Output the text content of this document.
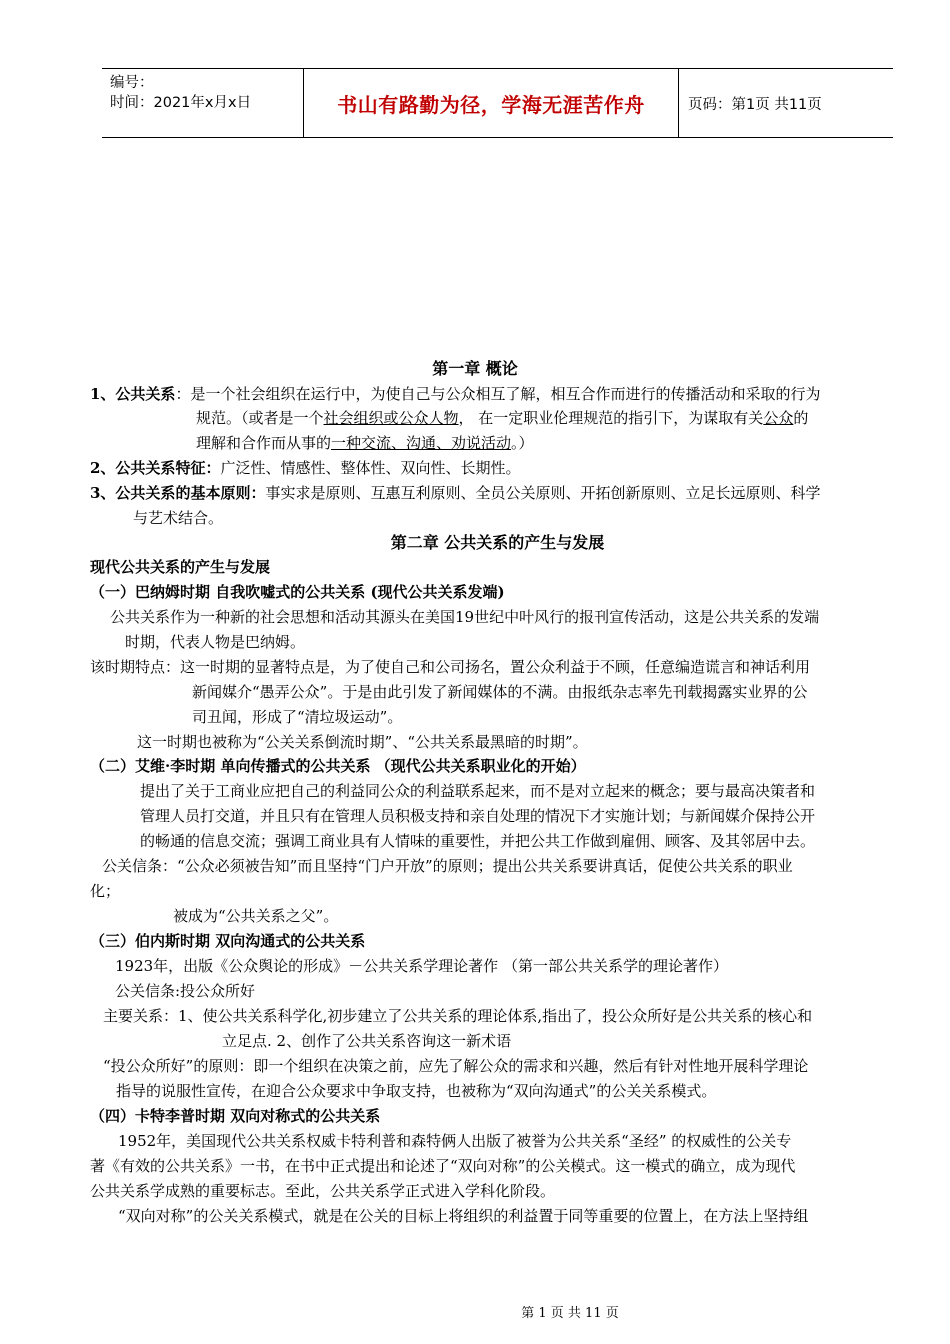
编号：
时间：2021年x月x日	书山有路勤为径，学海无涯苦作舟	页码：第1页 共11页
第一章 概论
1、公共关系：是一个社会组织在运行中，为使自己与公众相互了解，相互合作而进行的传播活动和采取的行为
规范。（或者是一个社会组织或公众人物， 在一定职业伦理规范的指引下，为谋取有关公众的
理解和合作而从事的一种交流、沟通、劝说活动。）
2、公共关系特征：广泛性、情感性、整体性、双向性、长期性。
3、公共关系的基本原则：事实求是原则、互惠互利原则、全员公关原则、开拓创新原则、立足长远原则、科学
与艺术结合。
第二章 公共关系的产生与发展
现代公共关系的产生与发展
（一）巴纳姆时期 自我吹嘘式的公共关系 (现代公共关系发端)
公共关系作为一种新的社会思想和活动其源头在美国19世纪中叶风行的报刊宣传活动，这是公共关系的发端
时期，代表人物是巴纳姆。
该时期特点：这一时期的显著特点是，为了使自己和公司扬名，置公众利益于不顾，任意编造谎言和神话利用
新闻媒介“愚弄公众”。于是由此引发了新闻媒体的不满。由报纸杂志率先刊载揭露实业界的公
司丑闻，形成了“清垃圾运动”。
这一时期也被称为“公关关系倒流时期”、“公共关系最黑暗的时期”。
（二）艾维·李时期 单向传播式的公共关系 （现代公共关系职业化的开始）
提出了关于工商业应把自己的利益同公众的利益联系起来，而不是对立起来的概念；要与最高决策者和
管理人员打交道，并且只有在管理人员积极支持和亲自处理的情况下才实施计划；与新闻媒介保持公开
的畅通的信息交流；强调工商业具有人情味的重要性，并把公共工作做到雇佣、顾客、及其邻居中去。
公关信条：“公众必须被告知”而且坚持“门户开放”的原则；提出公共关系要讲真话，促使公共关系的职业
化；
被成为“公共关系之父”。
（三）伯内斯时期 双向沟通式的公共关系
1923年，出版《公众舆论的形成》－公共关系学理论著作 （第一部公共关系学的理论著作）
公关信条:投公众所好
主要关系：1、使公共关系科学化,初步建立了公共关系的理论体系,指出了，投公众所好是公共关系的核心和
立足点. 2、创作了公共关系咨询这一新术语
“投公众所好”的原则：即一个组织在决策之前，应先了解公众的需求和兴趣，然后有针对性地开展科学理论
指导的说服性宣传，在迎合公众要求中争取支持，也被称为“双向沟通式”的公关关系模式。
（四）卡特李普时期 双向对称式的公共关系
1952年，美国现代公共关系权威卡特利普和森特俩人出版了被誉为公共关系“圣经” 的权威性的公关专
著《有效的公共关系》一书，在书中正式提出和论述了“双向对称”的公关模式。这一模式的确立，成为现代
公共关系学成熟的重要标志。至此，公共关系学正式进入学科化阶段。
“双向对称”的公关关系模式，就是在公关的目标上将组织的利益置于同等重要的位置上，在方法上坚持组
第 1 页 共 11 页
